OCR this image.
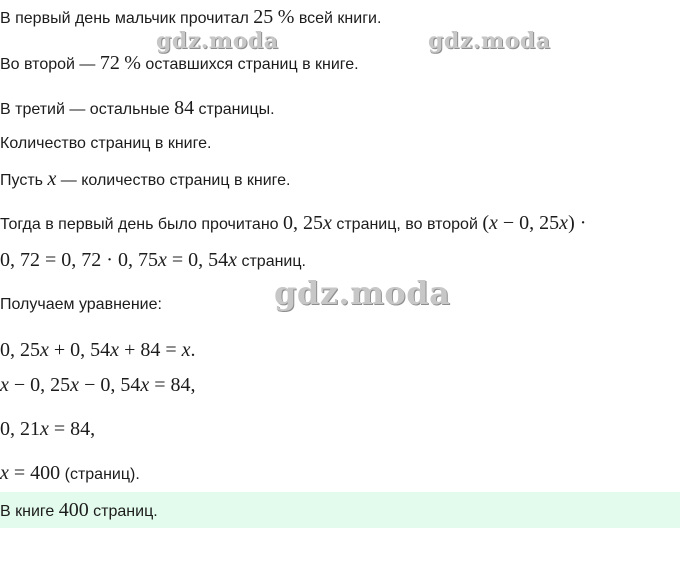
В первый день мальчик прочитал 25 % всей книги.
Во второй — 72 % оставшихся страниц в книге.
В третий — остальные 84 страницы.
Количество страниц в книге.
Пусть x — количество страниц в книге.
Тогда в первый день было прочитано 0, 25x страниц, во второй (x − 0, 25x) ·
0, 72 = 0, 72 · 0, 75x = 0, 54x страниц.
Получаем уравнение:
0, 25x + 0, 54x + 84 = x.
x − 0, 25x − 0, 54x = 84,
0, 21x = 84,
x = 400 (страниц).
В книге 400 страниц.
gdz.moda	gdz.moda
gdz.moda
